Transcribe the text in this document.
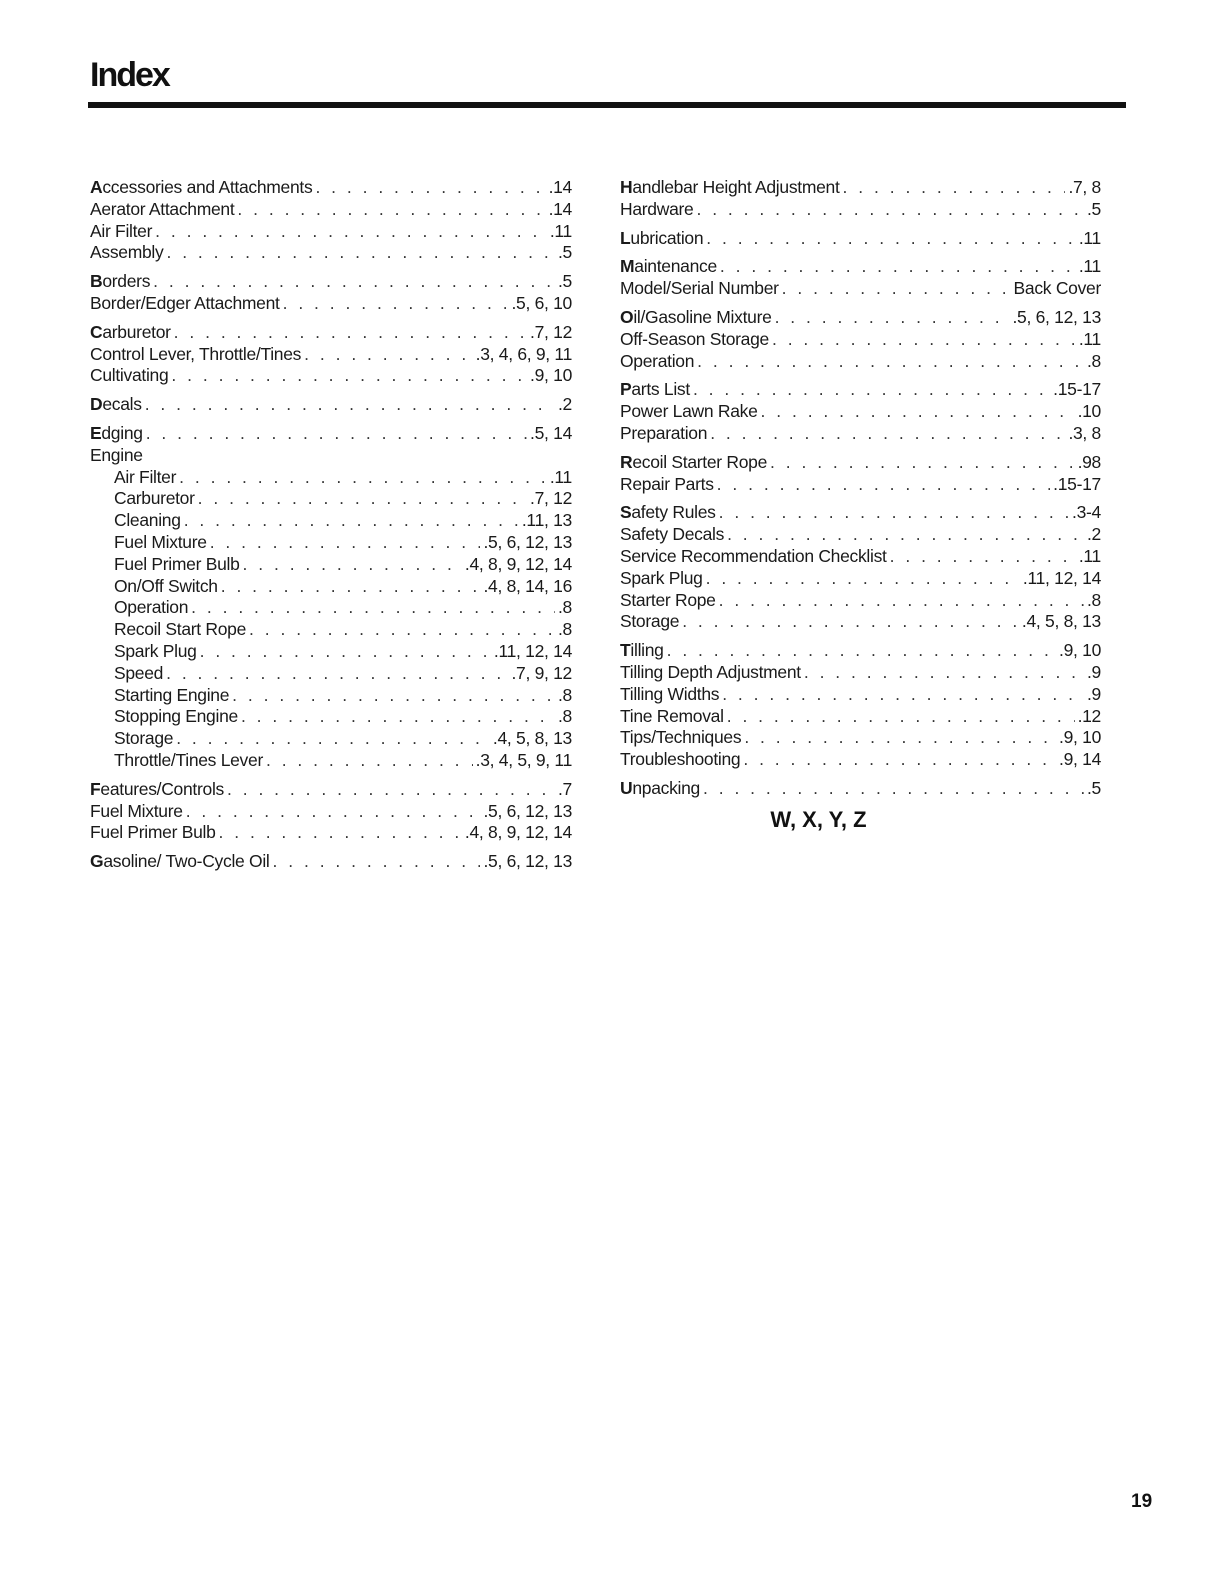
Index
Accessories and Attachments . . .	.14
Aerator Attachment . . .	.14
Air Filter . . .	.11
Assembly . . .	.5
Borders . . .	.5
Border/Edger Attachment . . .	.5, 6, 10
Carburetor . . .	.7, 12
Control Lever, Throttle/Tines . . .	.3, 4, 6, 9, 11
Cultivating . . .	.9, 10
Decals . . .	.2
Edging . . .	.5, 14
Engine
Air Filter . . .	.11
Carburetor . . .	.7, 12
Cleaning . . .	.11, 13
Fuel Mixture . . .	.5, 6, 12, 13
Fuel Primer Bulb . . .	.4, 8, 9, 12, 14
On/Off Switch . . .	.4, 8, 14, 16
Operation . . .	.8
Recoil Start Rope . . .	.8
Spark Plug . . .	.11, 12, 14
Speed . . .	.7, 9, 12
Starting Engine . . .	.8
Stopping Engine . . .	.8
Storage . . .	.4, 5, 8, 13
Throttle/Tines Lever . . .	.3, 4, 5, 9, 11
Features/Controls . . .	.7
Fuel Mixture . . .	.5, 6, 12, 13
Fuel Primer Bulb . . .	.4, 8, 9, 12, 14
Gasoline/ Two-Cycle Oil . . .	.5, 6, 12, 13
Handlebar Height Adjustment . . .	.7, 8
Hardware . . .	.5
Lubrication . . .	.11
Maintenance . . .	.11
Model/Serial Number . . .	Back Cover
Oil/Gasoline Mixture . . .	.5, 6, 12, 13
Off-Season Storage . . .	.11
Operation . . .	.8
Parts List . . .	.15-17
Power Lawn Rake . . .	.10
Preparation . . .	.3, 8
Recoil Starter Rope . . .	.98
Repair Parts . . .	.15-17
Safety Rules . . .	.3-4
Safety Decals . . .	.2
Service Recommendation Checklist . . .	.11
Spark Plug . . .	.11, 12, 14
Starter Rope . . .	.8
Storage . . .	.4, 5, 8, 13
Tilling . . .	.9, 10
Tilling Depth Adjustment . . .	.9
Tilling Widths . . .	.9
Tine Removal . . .	.12
Tips/Techniques . . .	.9, 10
Troubleshooting . . .	.9, 14
Unpacking . . .	.5
W, X, Y, Z
19
